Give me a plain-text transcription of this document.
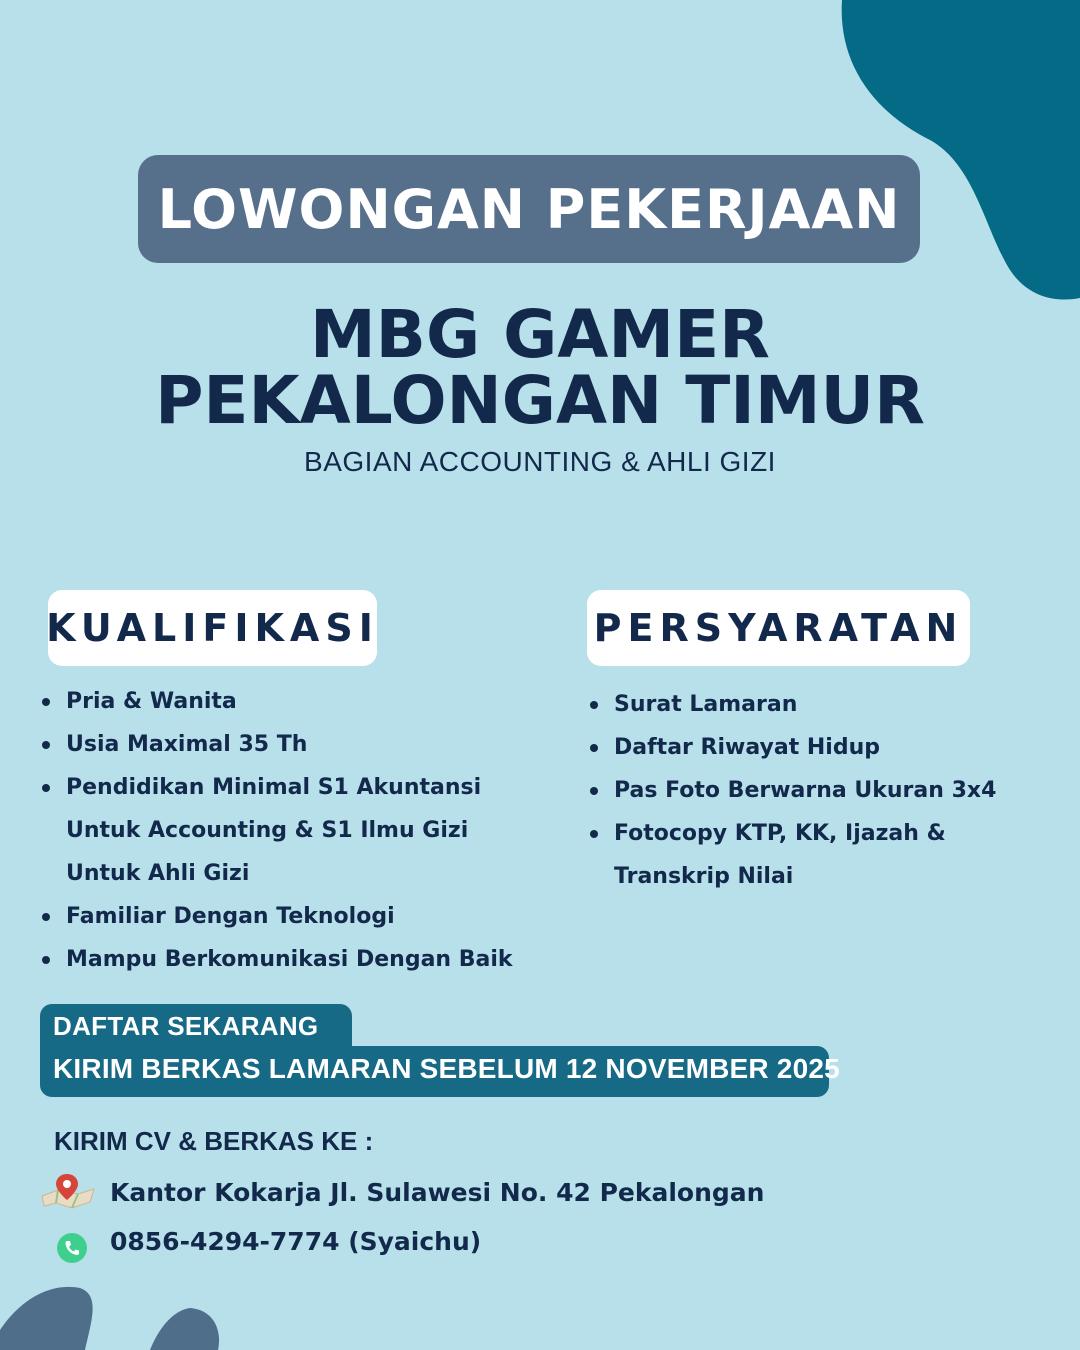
LOWONGAN PEKERJAAN
MBG GAMER
PEKALONGAN TIMUR
BAGIAN ACCOUNTING & AHLI GIZI
KUALIFIKASI	PERSYARATAN
Pria & Wanita
Usia Maximal 35 Th
Pendidikan Minimal S1 Akuntansi Untuk Accounting & S1 Ilmu Gizi Untuk Ahli Gizi
Familiar Dengan Teknologi
Mampu Berkomunikasi Dengan Baik
Surat Lamaran
Daftar Riwayat Hidup
Pas Foto Berwarna Ukuran 3x4
Fotocopy KTP, KK, Ijazah & Transkrip Nilai
DAFTAR SEKARANG
KIRIM BERKAS LAMARAN SEBELUM 12 NOVEMBER 2025
KIRIM CV & BERKAS KE :
Kantor Kokarja Jl. Sulawesi No. 42 Pekalongan
0856-4294-7774 (Syaichu)
